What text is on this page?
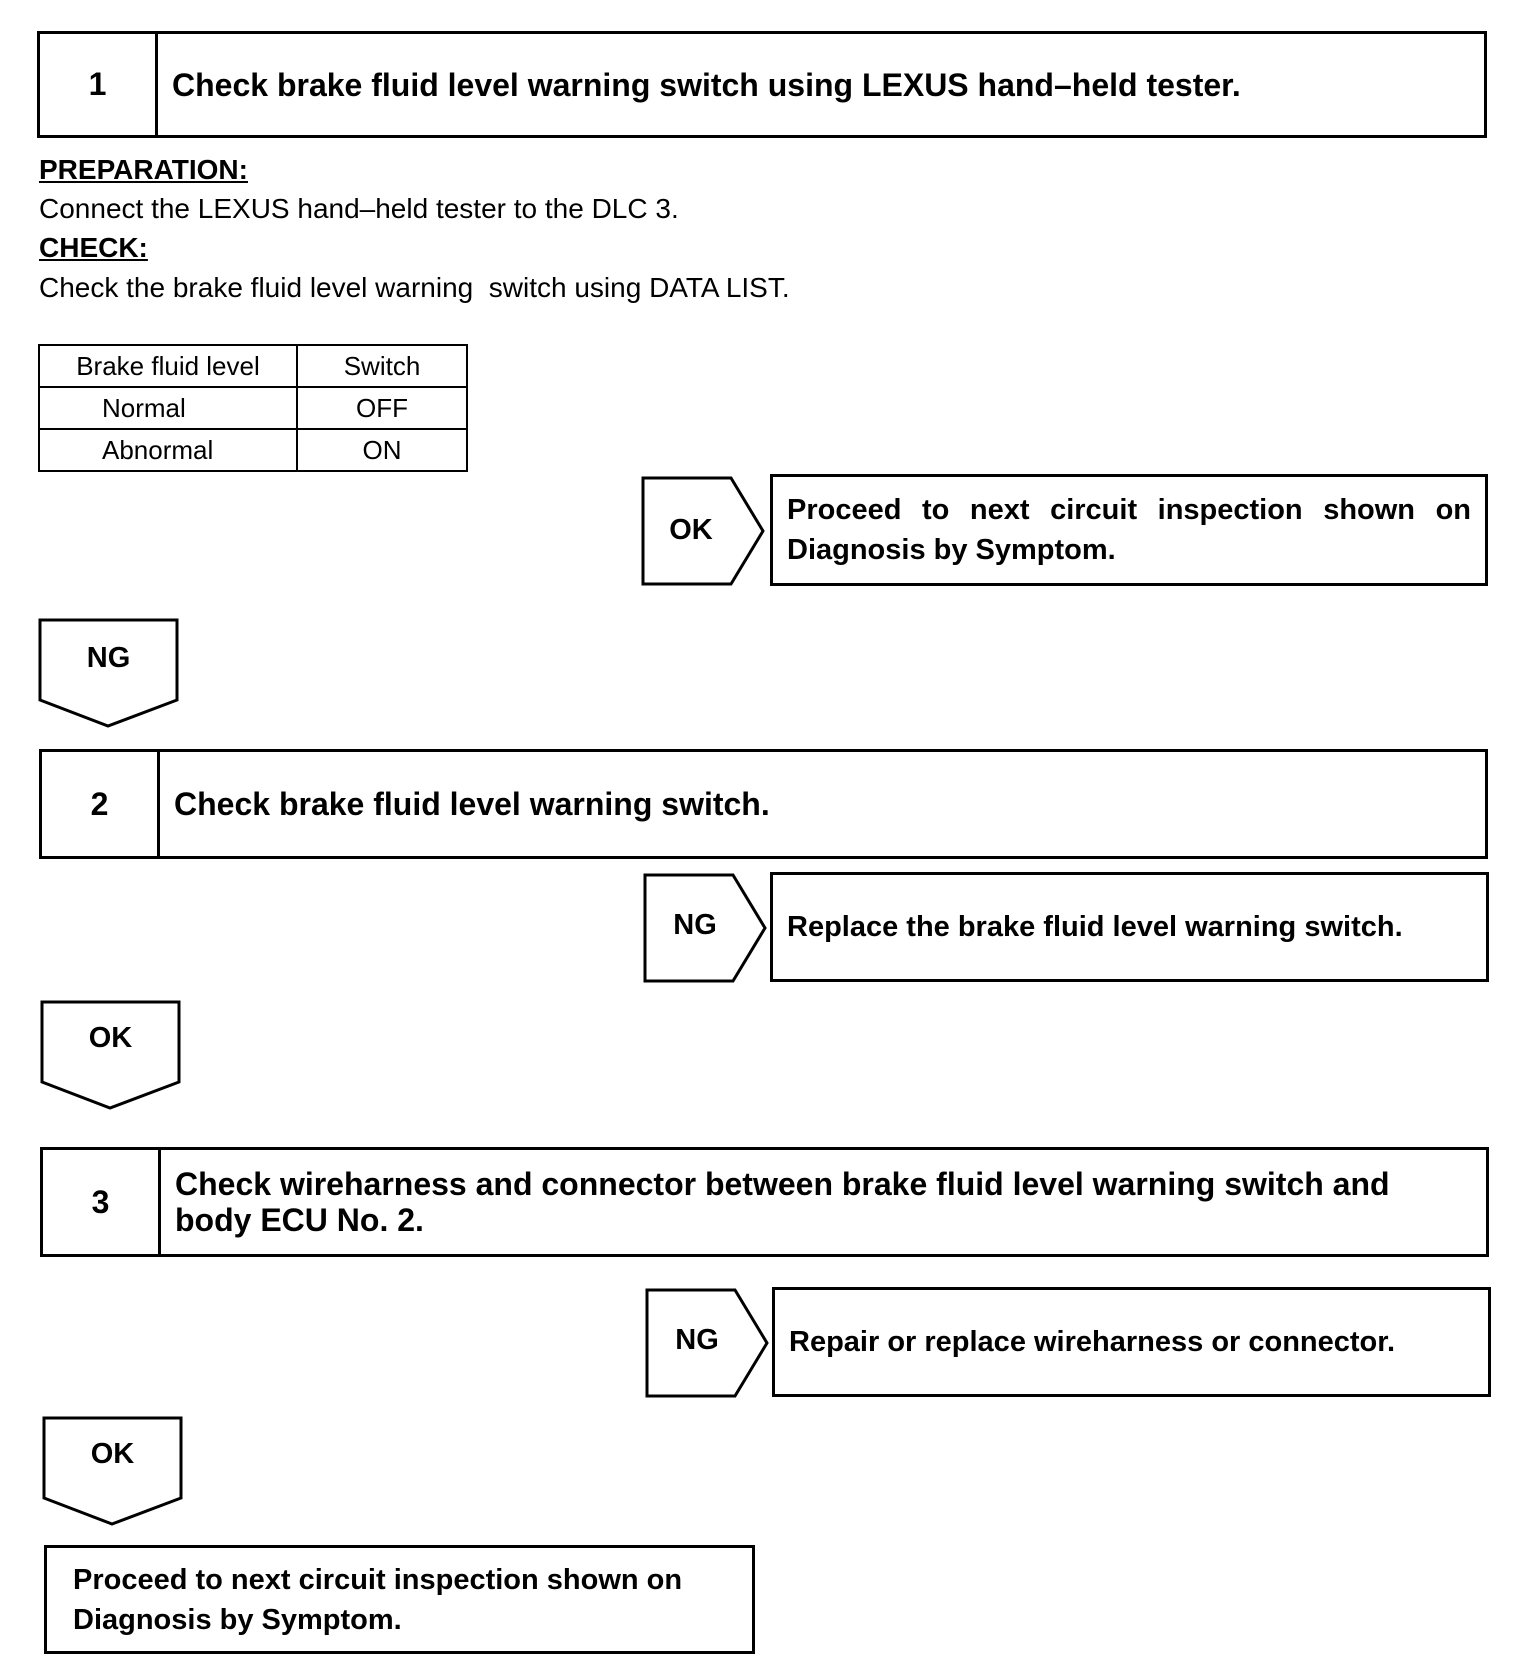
1	Check brake fluid level warning switch using LEXUS hand–held tester.
PREPARATION:
Connect the LEXUS hand–held tester to the DLC 3.
CHECK:
Check the brake fluid level warning  switch using DATA LIST.
Brake fluid level	Switch
Normal	OFF
Abnormal	ON
OK
Proceed to next circuit inspection shown on Diagnosis by Symptom.
NG
2	Check brake fluid level warning switch.
NG	Replace the brake fluid level warning switch.
OK
3	Check wireharness and connector between brake fluid level warning switch and body ECU No. 2.
NG	Repair or replace wireharness or connector.
OK
Proceed to next circuit inspection shown on Diagnosis by Symptom.
